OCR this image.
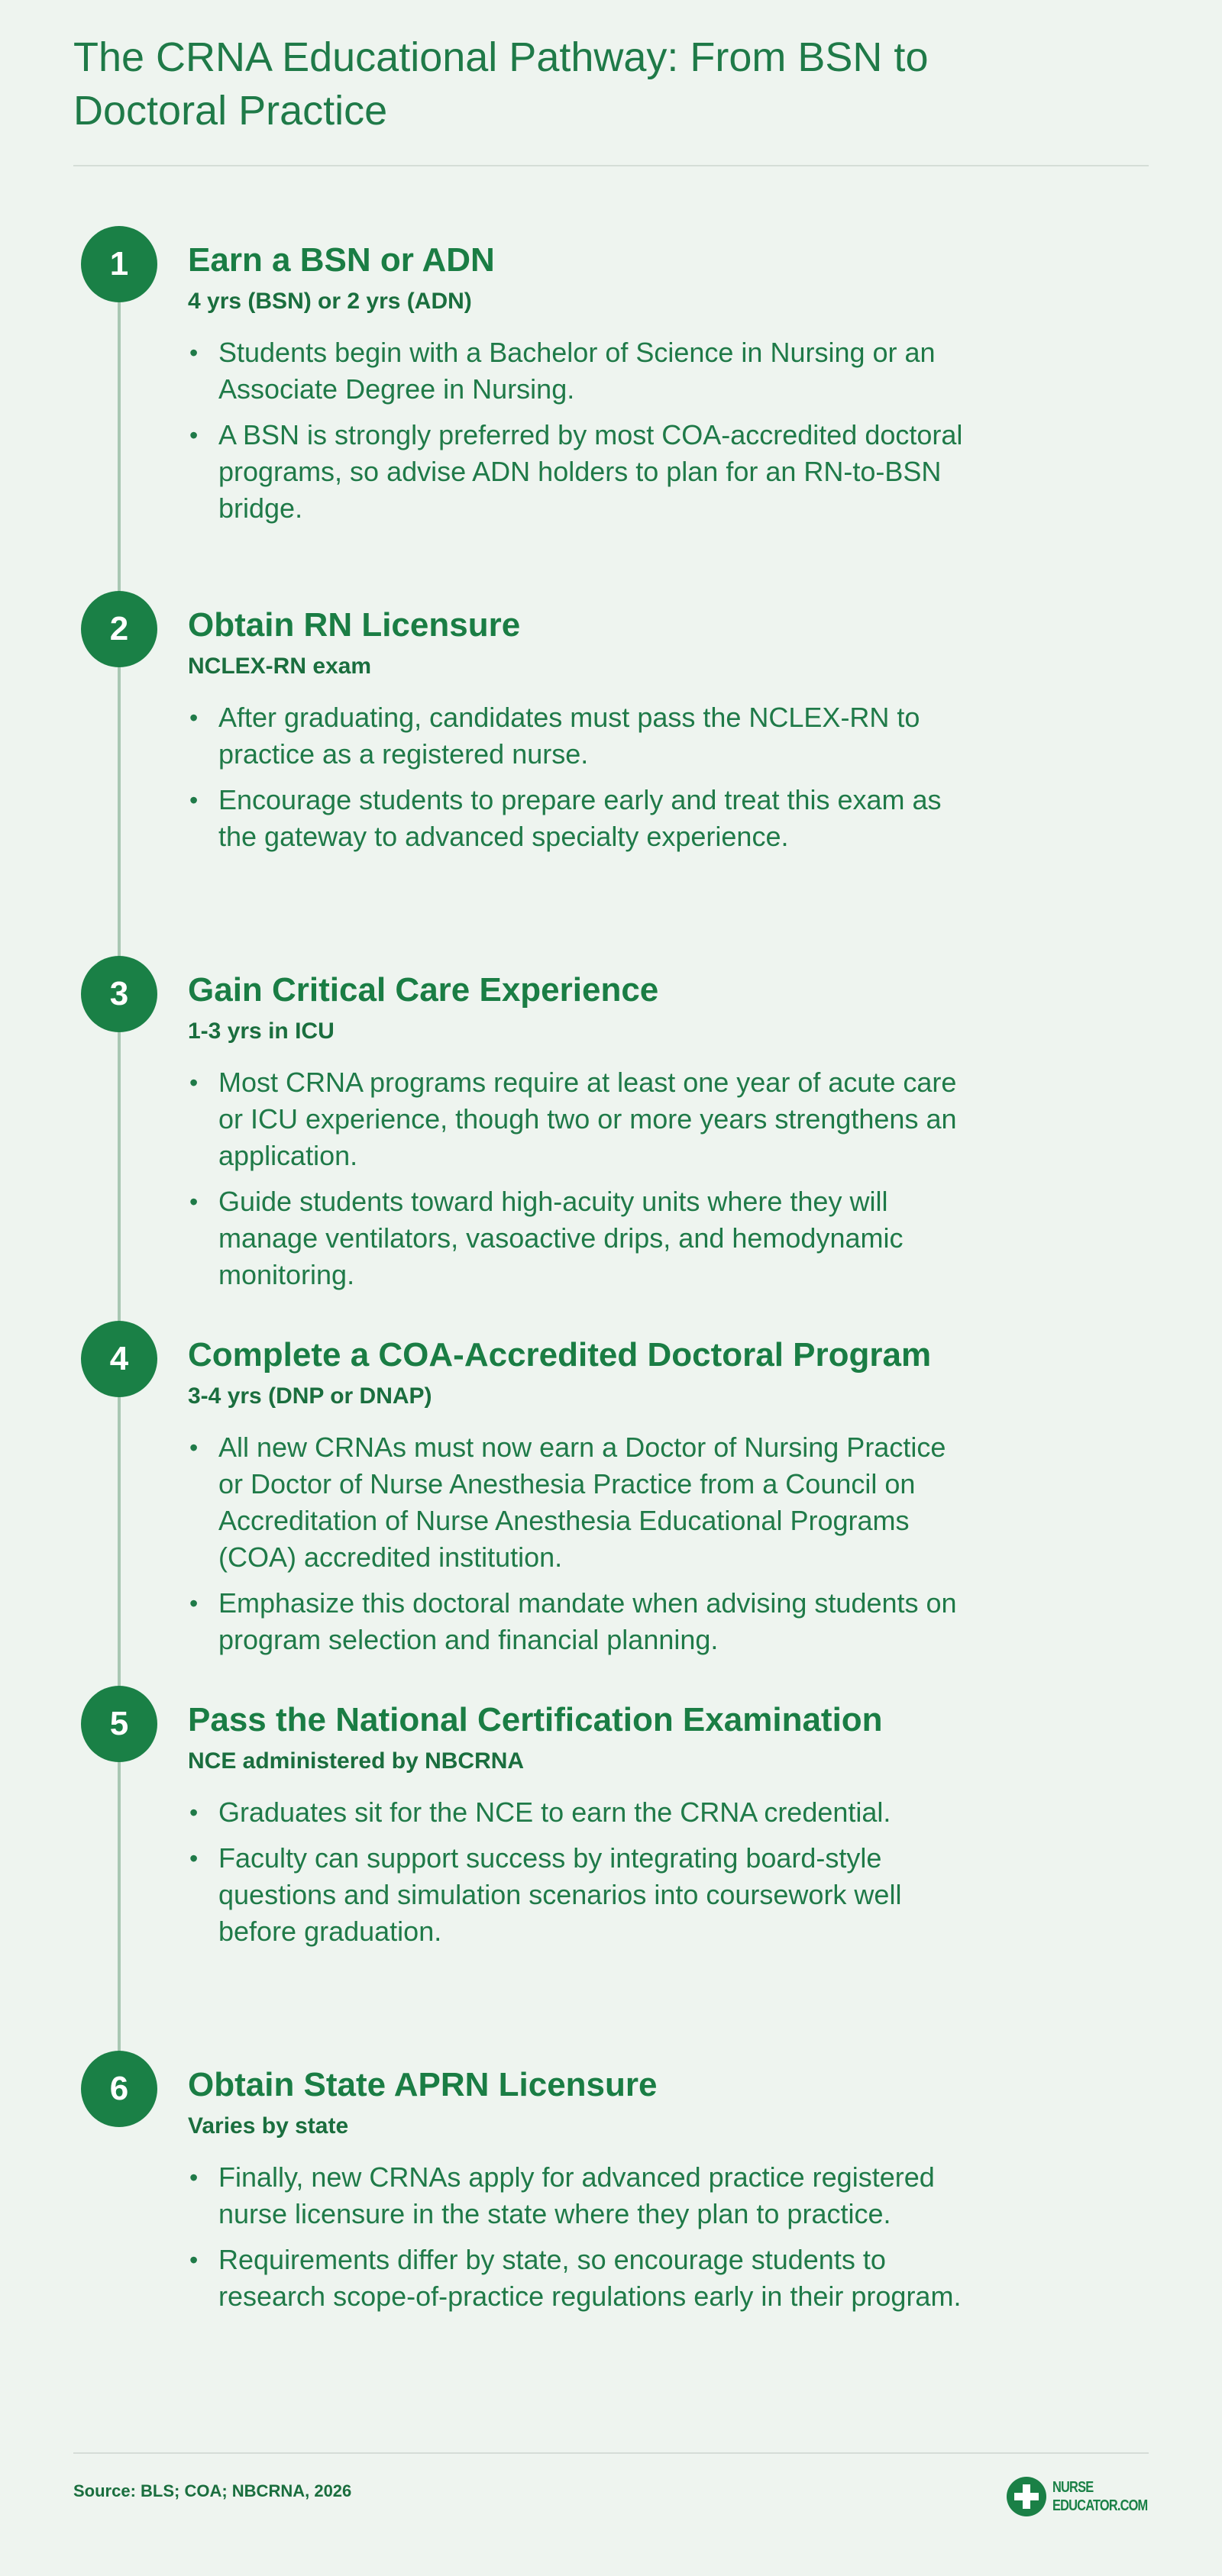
The CRNA Educational Pathway: From BSN to Doctoral Practice
1	Earn a BSN or ADN
4 yrs (BSN) or 2 yrs (ADN)
• Students begin with a Bachelor of Science in Nursing or an Associate Degree in Nursing.
• A BSN is strongly preferred by most COA-accredited doctoral programs, so advise ADN holders to plan for an RN-to-BSN bridge.
2	Obtain RN Licensure
NCLEX-RN exam
• After graduating, candidates must pass the NCLEX-RN to practice as a registered nurse.
• Encourage students to prepare early and treat this exam as the gateway to advanced specialty experience.
3	Gain Critical Care Experience
1-3 yrs in ICU
• Most CRNA programs require at least one year of acute care or ICU experience, though two or more years strengthens an application.
• Guide students toward high-acuity units where they will manage ventilators, vasoactive drips, and hemodynamic monitoring.
4	Complete a COA-Accredited Doctoral Program
3-4 yrs (DNP or DNAP)
• All new CRNAs must now earn a Doctor of Nursing Practice or Doctor of Nurse Anesthesia Practice from a Council on Accreditation of Nurse Anesthesia Educational Programs (COA) accredited institution.
• Emphasize this doctoral mandate when advising students on program selection and financial planning.
5	Pass the National Certification Examination
NCE administered by NBCRNA
• Graduates sit for the NCE to earn the CRNA credential.
• Faculty can support success by integrating board-style questions and simulation scenarios into coursework well before graduation.
6	Obtain State APRN Licensure
Varies by state
• Finally, new CRNAs apply for advanced practice registered nurse licensure in the state where they plan to practice.
• Requirements differ by state, so encourage students to research scope-of-practice regulations early in their program.
Source: BLS; COA; NBCRNA, 2026	NURSE
EDUCATOR.COM
